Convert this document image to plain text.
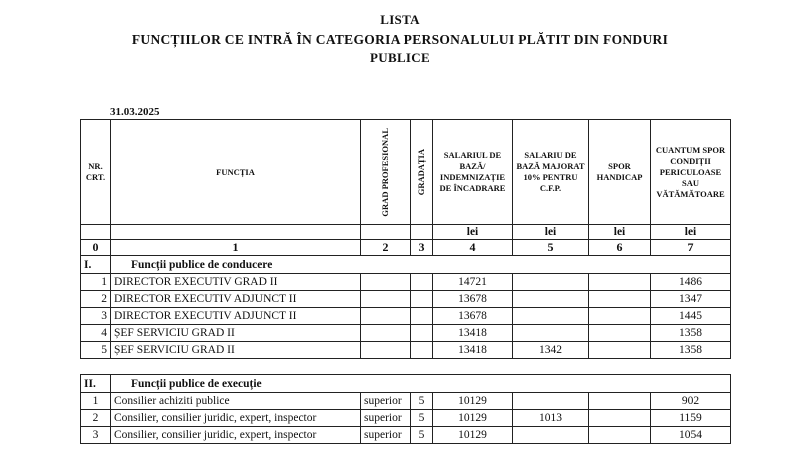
LISTA
FUNCȚIILOR CE INTRĂ ÎN CATEGORIA PERSONALULUI PLĂTIT DIN FONDURI
PUBLICE
31.03.2025
NR. CRT.	FUNCȚIA	GRAD PROFESIONAL	GRADAȚIA	SALARIUL DE BAZĂ/ INDEMNIZAȚIE DE ÎNCADRARE	SALARIU DE BAZĂ MAJORAT 10% PENTRU C.F.P.	SPOR HANDICAP	CUANTUM SPOR CONDIȚII PERICULOASE SAU VĂTĂMĂTOARE
				lei	lei	lei	lei
0	1	2	3	4	5	6	7
I.	Funcții publice de conducere						
1	DIRECTOR EXECUTIV GRAD II			14721			1486
2	DIRECTOR EXECUTIV ADJUNCT II			13678			1347
3	DIRECTOR EXECUTIV ADJUNCT II			13678			1445
4	ȘEF SERVICIU GRAD II			13418			1358
5	ȘEF SERVICIU GRAD II			13418	1342		1358

II.	Funcții publice de execuție						
1	Consilier achiziti publice	superior	5	10129			902
2	Consilier, consilier juridic, expert, inspector	superior	5	10129	1013		1159
3	Consilier, consilier juridic, expert, inspector	superior	5	10129			1054
